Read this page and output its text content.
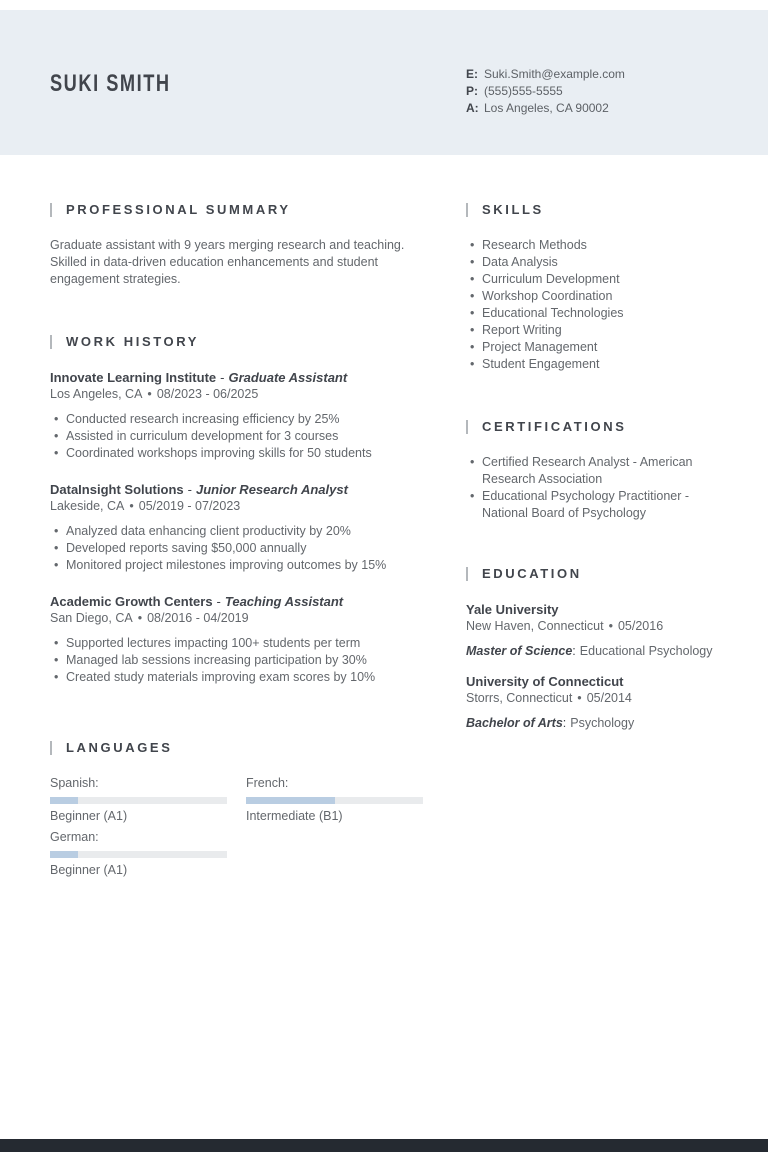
SUKI SMITH	E: Suki.Smith@example.com
P: (555)555-5555
A: Los Angeles, CA 90002
PROFESSIONAL SUMMARY

Graduate assistant with 9 years merging research and teaching. Skilled in data-driven education enhancements and student engagement strategies.

WORK HISTORY
Innovate Learning Institute - Graduate Assistant
Los Angeles, CA • 08/2023 - 06/2025
• Conducted research increasing efficiency by 25%
• Assisted in curriculum development for 3 courses
• Coordinated workshops improving skills for 50 students
DataInsight Solutions - Junior Research Analyst
Lakeside, CA • 05/2019 - 07/2023
• Analyzed data enhancing client productivity by 20%
• Developed reports saving $50,000 annually
• Monitored project milestones improving outcomes by 15%
Academic Growth Centers - Teaching Assistant
San Diego, CA • 08/2016 - 04/2019
• Supported lectures impacting 100+ students per term
• Managed lab sessions increasing participation by 30%
• Created study materials improving exam scores by 10%
LANGUAGES
Spanish:
Beginner (A1)
French:
Intermediate (B1)
German:
Beginner (A1)
SKILLS
• Research Methods
• Data Analysis
• Curriculum Development
• Workshop Coordination
• Educational Technologies
• Report Writing
• Project Management
• Student Engagement
CERTIFICATIONS
• Certified Research Analyst - American Research Association
• Educational Psychology Practitioner - National Board of Psychology
EDUCATION
Yale University
New Haven, Connecticut • 05/2016
Master of Science: Educational Psychology
University of Connecticut
Storrs, Connecticut • 05/2014
Bachelor of Arts: Psychology
